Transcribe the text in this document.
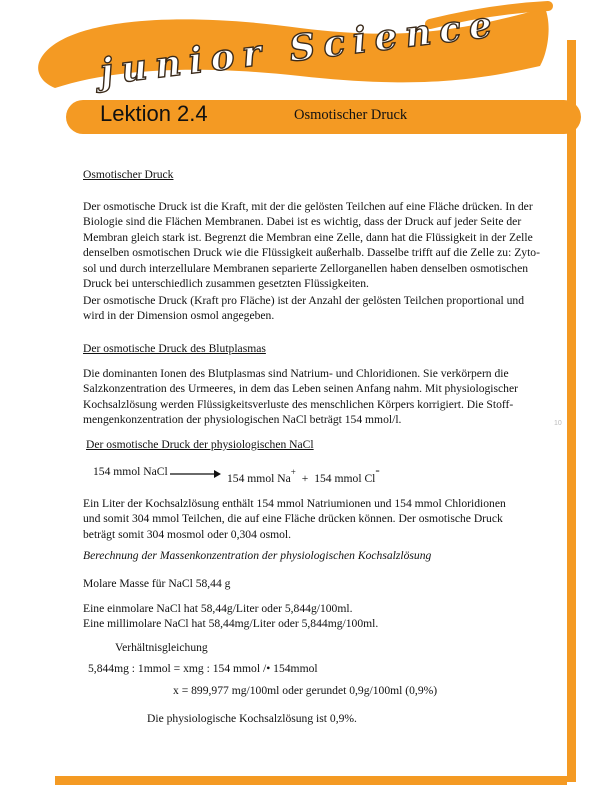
junior Science
Lektion 2.4	Osmotischer Druck

Osmotischer Druck

Der osmotische Druck ist die Kraft, mit der die gelösten Teilchen auf eine Fläche drücken. In der

Biologie sind die Flächen Membranen. Dabei ist es wichtig, dass der Druck auf jeder Seite der

Membran gleich stark ist. Begrenzt die Membran eine Zelle, dann hat die Flüssigkeit in der Zelle

denselben osmotischen Druck wie die Flüssigkeit außerhalb. Dasselbe trifft auf die Zelle zu: Zyto-

sol und durch interzellulare Membranen separierte Zellorganellen haben denselben osmotischen

Druck bei unterschiedlich zusammen gesetzten Flüssigkeiten.

Der osmotische Druck (Kraft pro Fläche) ist der Anzahl der gelösten Teilchen proportional und

wird in der Dimension osmol angegeben.

Der osmotische Druck des Blutplasmas

Die dominanten Ionen des Blutplasmas sind Natrium- und Chloridionen. Sie verkörpern die

Salzkonzentration des Urmeeres, in dem das Leben seinen Anfang nahm. Mit physiologischer

Kochsalzlösung werden Flüssigkeitsverluste des menschlichen Körpers korrigiert. Die Stoff-

mengenkonzentration der physiologischen NaCl beträgt 154 mmol/l.	10

Der osmotische Druck der physiologischen NaCl

154 mmol NaCl → 154 mmol Na+ + 154 mmol Cl-

Ein Liter der Kochsalzlösung enthält 154 mmol Natriumionen und 154 mmol Chloridionen

und somit 304 mmol Teilchen, die auf eine Fläche drücken können. Der osmotische Druck

beträgt somit 304 mosmol oder 0,304 osmol.

Berechnung der Massenkonzentration der physiologischen Kochsalzlösung

Molare Masse für NaCl 58,44 g

Eine einmolare NaCl hat 58,44g/Liter oder 5,844g/100ml.

Eine millimolare NaCl hat 58,44mg/Liter oder 5,844mg/100ml.

Verhältnisgleichung

5,844mg : 1mmol = xmg : 154 mmol /• 154mmol

x = 899,977 mg/100ml oder gerundet 0,9g/100ml (0,9%)

Die physiologische Kochsalzlösung ist 0,9%.
